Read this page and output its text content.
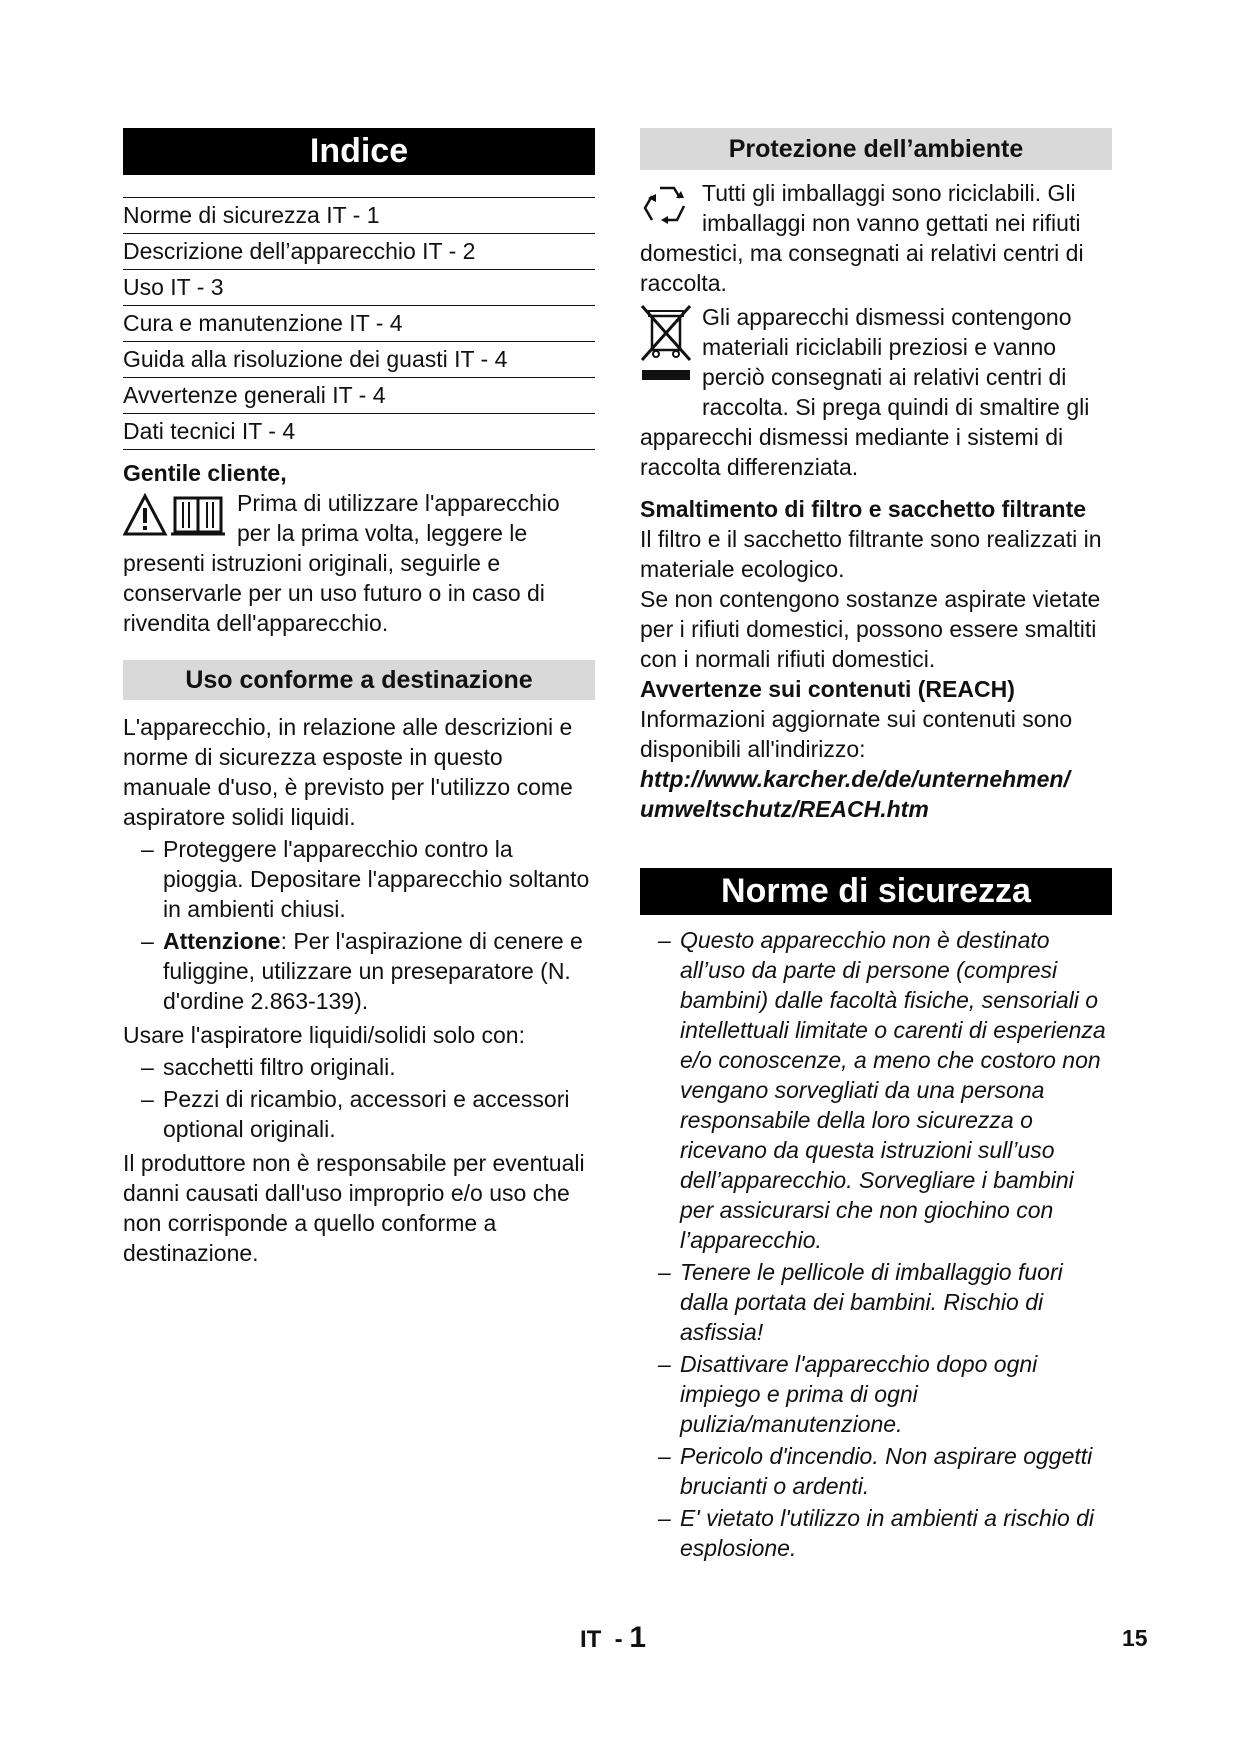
Indice
Norme di sicurezza IT - 1
Descrizione dell’apparecchio IT - 2
Uso IT - 3
Cura e manutenzione IT - 4
Guida alla risoluzione dei guasti IT - 4
Avvertenze generali IT - 4
Dati tecnici IT - 4
Gentile cliente,

Prima di utilizzare l'apparecchio per la prima volta, leggere le presenti istruzioni originali, seguirle e conservarle per un uso futuro o in caso di rivendita dell'apparecchio.

Uso conforme a destinazione

L'apparecchio, in relazione alle descrizioni e norme di sicurezza esposte in questo manuale d'uso, è previsto per l'utilizzo come aspiratore solidi liquidi.

– Proteggere l'apparecchio contro la pioggia. Depositare l'apparecchio soltanto in ambienti chiusi.
– Attenzione: Per l'aspirazione di cenere e fuliggine, utilizzare un preseparatore (N. d'ordine 2.863-139).

Usare l'aspiratore liquidi/solidi solo con:

– sacchetti filtro originali.
– Pezzi di ricambio, accessori e accessori optional originali.

Il produttore non è responsabile per eventuali danni causati dall'uso improprio e/o uso che non corrisponde a quello conforme a destinazione.

Protezione dell’ambiente

Tutti gli imballaggi sono riciclabili. Gli imballaggi non vanno gettati nei rifiuti domestici, ma consegnati ai relativi centri di raccolta.

Gli apparecchi dismessi contengono materiali riciclabili preziosi e vanno perciò consegnati ai relativi centri di raccolta. Si prega quindi di smaltire gli apparecchi dismessi mediante i sistemi di raccolta differenziata.

Smaltimento di filtro e sacchetto filtrante

Il filtro e il sacchetto filtrante sono realizzati in materiale ecologico.

Se non contengono sostanze aspirate vietate per i rifiuti domestici, possono essere smaltiti con i normali rifiuti domestici.

Avvertenze sui contenuti (REACH)

Informazioni aggiornate sui contenuti sono disponibili all'indirizzo:

http://www.karcher.de/de/unternehmen/
umweltschutz/REACH.htm
Norme di sicurezza
– Questo apparecchio non è destinato all’uso da parte di persone (compresi bambini) dalle facoltà fisiche, sensoriali o intellettuali limitate o carenti di esperienza e/o conoscenze, a meno che costoro non vengano sorvegliati da una persona responsabile della loro sicurezza o ricevano da questa istruzioni sull’uso dell’apparecchio. Sorvegliare i bambini per assicurarsi che non giochino con l’apparecchio.
– Tenere le pellicole di imballaggio fuori dalla portata dei bambini. Rischio di asfissia!
– Disattivare l'apparecchio dopo ogni impiego e prima di ogni pulizia/manutenzione.
– Pericolo d'incendio. Non aspirare oggetti brucianti o ardenti.
– E' vietato l'utilizzo in ambienti a rischio di esplosione.
IT - 1	15
